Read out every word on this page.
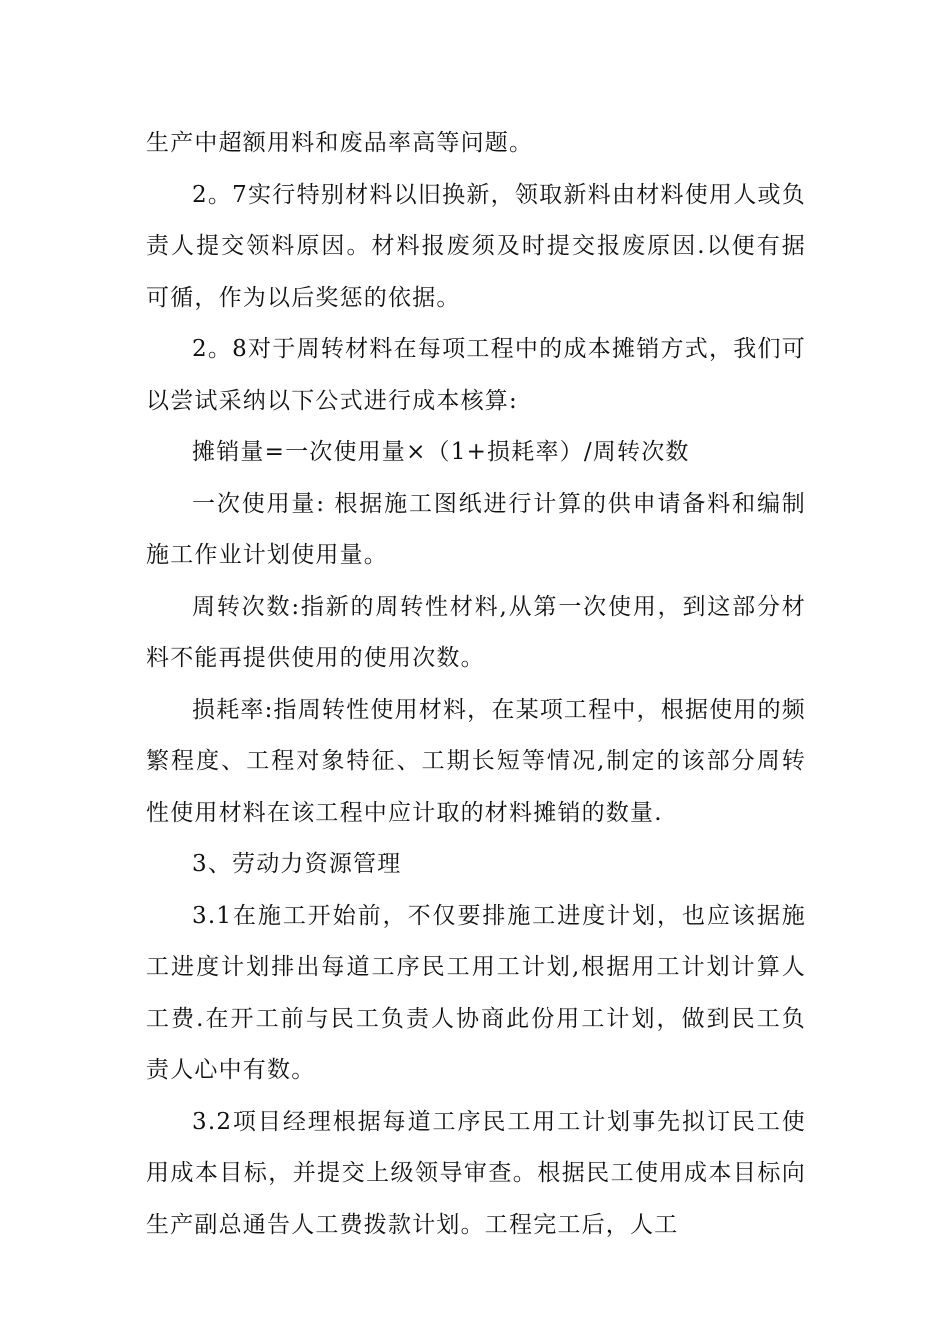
生产中超额用料和废品率高等问题。

2。7实行特别材料以旧换新，领取新料由材料使用人或负责人提交领料原因。材料报废须及时提交报废原因.以便有据可循，作为以后奖惩的依据。

2。8对于周转材料在每项工程中的成本摊销方式，我们可以尝试采纳以下公式进行成本核算:

摊销量=一次使用量×（1+损耗率）/周转次数

一次使用量: 根据施工图纸进行计算的供申请备料和编制施工作业计划使用量。

周转次数:指新的周转性材料,从第一次使用，到这部分材料不能再提供使用的使用次数。

损耗率:指周转性使用材料，在某项工程中，根据使用的频繁程度、工程对象特征、工期长短等情况,制定的该部分周转性使用材料在该工程中应计取的材料摊销的数量.

3、劳动力资源管理

3.1在施工开始前，不仅要排施工进度计划，也应该据施工进度计划排出每道工序民工用工计划,根据用工计划计算人工费.在开工前与民工负责人协商此份用工计划，做到民工负责人心中有数。

3.2项目经理根据每道工序民工用工计划事先拟订民工使用成本目标，并提交上级领导审查。根据民工使用成本目标向生产副总通告人工费拨款计划。工程完工后，人工
